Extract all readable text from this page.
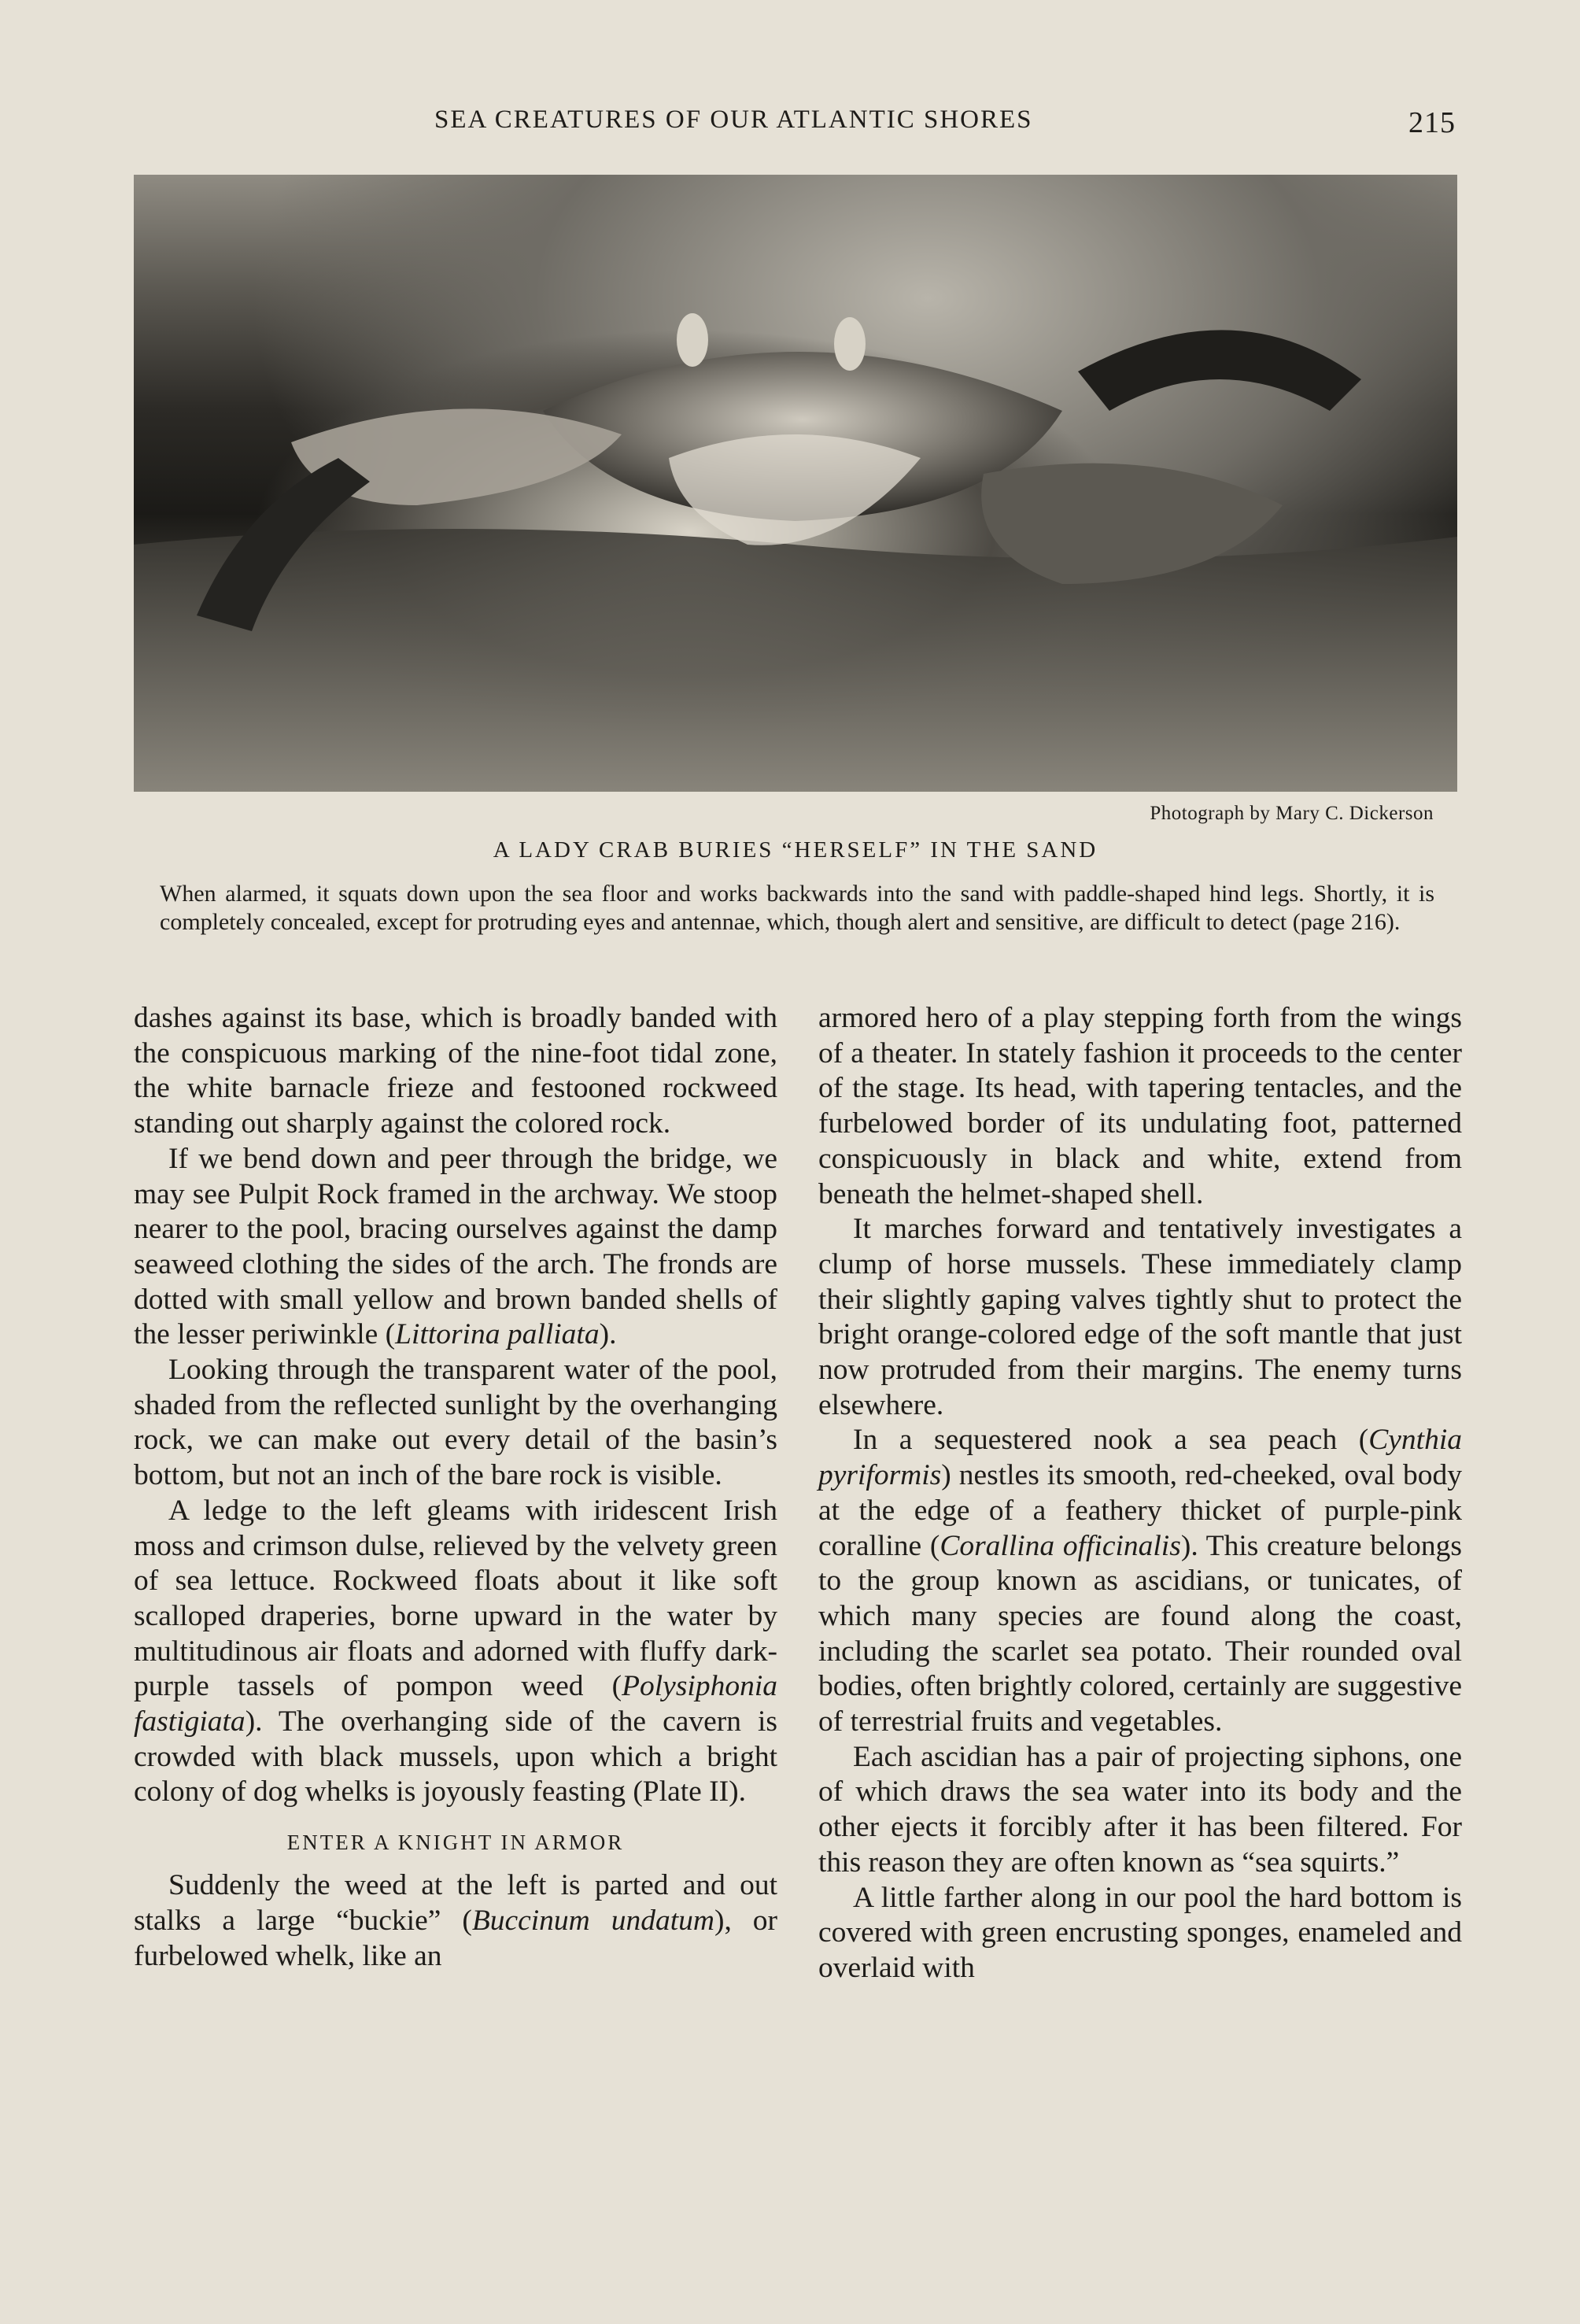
SEA CREATURES OF OUR ATLANTIC SHORES	215
Photograph by Mary C. Dickerson
A LADY CRAB BURIES “HERSELF” IN THE SAND
When alarmed, it squats down upon the sea floor and works backwards into the sand with paddle-shaped hind legs. Shortly, it is completely concealed, except for protruding eyes and antennae, which, though alert and sensitive, are difficult to detect (page 216).

dashes against its base, which is broadly banded with the conspicuous marking of the nine-foot tidal zone, the white barnacle frieze and festooned rockweed standing out sharply against the colored rock.

If we bend down and peer through the bridge, we may see Pulpit Rock framed in the archway. We stoop nearer to the pool, bracing ourselves against the damp seaweed clothing the sides of the arch. The fronds are dotted with small yellow and brown banded shells of the lesser periwinkle (Littorina palliata).

Looking through the transparent water of the pool, shaded from the reflected sunlight by the overhanging rock, we can make out every detail of the basin’s bottom, but not an inch of the bare rock is visible.

A ledge to the left gleams with iridescent Irish moss and crimson dulse, relieved by the velvety green of sea lettuce. Rockweed floats about it like soft scalloped draperies, borne upward in the water by multitudinous air floats and adorned with fluffy dark-purple tassels of pompon weed (Polysiphonia fastigiata). The overhanging side of the cavern is crowded with black mussels, upon which a bright colony of dog whelks is joyously feasting (Plate II).

ENTER A KNIGHT IN ARMOR

Suddenly the weed at the left is parted and out stalks a large “buckie” (Buccinum undatum), or furbelowed whelk, like an

armored hero of a play stepping forth from the wings of a theater. In stately fashion it proceeds to the center of the stage. Its head, with tapering tentacles, and the furbelowed border of its undulating foot, patterned conspicuously in black and white, extend from beneath the helmet-shaped shell.

It marches forward and tentatively investigates a clump of horse mussels. These immediately clamp their slightly gaping valves tightly shut to protect the bright orange-colored edge of the soft mantle that just now protruded from their margins. The enemy turns elsewhere.

In a sequestered nook a sea peach (Cynthia pyriformis) nestles its smooth, red-cheeked, oval body at the edge of a feathery thicket of purple-pink coralline (Corallina officinalis). This creature belongs to the group known as ascidians, or tunicates, of which many species are found along the coast, including the scarlet sea potato. Their rounded oval bodies, often brightly colored, certainly are suggestive of terrestrial fruits and vegetables.

Each ascidian has a pair of projecting siphons, one of which draws the sea water into its body and the other ejects it forcibly after it has been filtered. For this reason they are often known as “sea squirts.”

A little farther along in our pool the hard bottom is covered with green encrusting sponges, enameled and overlaid with
